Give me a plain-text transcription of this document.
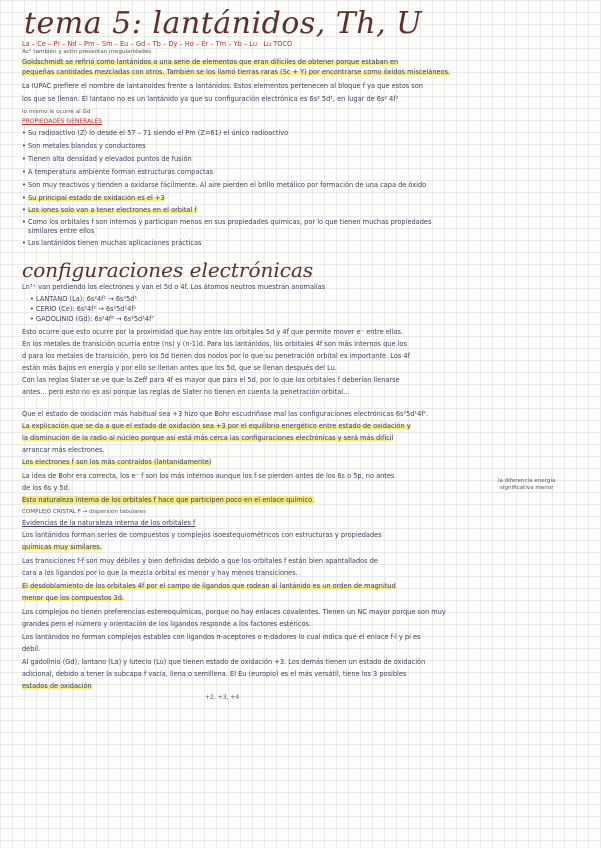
tema 5: lantánidos, Th, U
La – Ce – Pr – Nd – Pm – Sm – Eu – Gd – Tb – Dy – Ho – Er – Tm – Yb – Lu Lu TOCO
Ac° también y actín presentan irregularidades
Goldschmidt se refirió como lantánidos a una serie de elementos que eran difíciles de obtener porque estaban en
pequeñas cantidades mezcladas con otros. También se los llamó tierras raras (Sc + Y) por encontrarse como óxidos misceláneos.
La IUPAC prefiere el nombre de lantanoides frente a lantánidos. Estos elementos pertenecen al bloque f ya que estos son
los que se llenan. El lantano no es un lantánido ya que su configuración electrónica es 6s² 5d¹, en lugar de 6s² 4f¹
lo mismo le ocurre al Gd
PROPIEDADES GENERALES
• Su radioactivo (Z) lo desde el 57 – 71 siendo el Pm (Z=61) el único radioactivo
• Son metales blandos y conductores
• Tienen alta densidad y elevados puntos de fusión
• A temperatura ambiente forman estructuras compactas
• Son muy reactivos y tienden a oxidarse fácilmente. Al aire pierden el brillo metálico por formación de una capa de óxido
• Su principal estado de oxidación es el +3
• Los iones solo van a tener electrones en el orbital f
• Como los orbitales f son internos y participan menos en sus propiedades químicas, por lo que tienen muchas propiedades
similares entre ellos
• Los lantánidos tienen muchas aplicaciones prácticas
configuraciones electrónicas
Ln³⁺ van perdiendo los electrones y van el 5d o 4f. Los átomos neutros muestran anomalías
• LANTANO (La): 6s²4f¹ → 6s²5d¹
• CERIO (Ce): 6s²4f² → 6s²5d¹4f¹
• GADOLINIO (Gd): 6s²4f⁸ → 6s²5d¹4f⁷
Esto ocurre que esto ocurre por la proximidad que hay entre los orbitales 5d y 4f que permite mover e⁻ entre ellos.
En los metales de transición ocurría entre (ns) y (n-1)d. Para los lantánidos, los orbitales 4f son más internos que los
d para los metales de transición, pero los 5d tienen dos nodos por lo que su penetración orbital es importante. Los 4f
están más bajos en energía y por ello se llenan antes que los 5d, que se llenan después del Lu.
Con las reglas Slater se ve que la Zeff para 4f es mayor que para el 5d, por lo que los orbitales f deberían llenarse
antes... pero esto no es así porque las reglas de Slater no tienen en cuenta la penetración orbital...
Que el estado de oxidación más habitual sea +3 hizo que Bohr escudriñase mal las configuraciones electrónicas 6s²5d¹4fⁿ.
La explicación que se da a que el estado de oxidación sea +3 por el equilibrio energético entre estado de oxidación y
la disminución de la radio al núcleo porque así está más cerca las configuraciones electrónicas y será más difícil
arrancar más electrones.
Los electrones f son los más contraídos (lantanidamente)
La idea de Bohr era correcta, los e⁻ f son los más internos aunque los f se pierden antes de los 6s o 5p, no antes
de los 6s y 5d.
Esta naturaleza interna de los orbitales f hace que participen poco en el enlace químico.
COMPLEJO CRISTAL F → dispersión tabulares
Evidencias de la naturaleza interna de los orbitales f
la diferencia energía
significativa menor
Los lantánidos forman series de compuestos y complejos isoestequiométricos con estructuras y propiedades
químicas muy similares.
Las transiciones f-f son muy débiles y bien definidas debido a que los orbitales f están bien apantallados de
cara a los ligandos por lo que la mezcla orbital es menor y hay menos transiciones.
El desdoblamiento de los orbitales 4f por el campo de ligandos que rodean al lantánido es un orden de magnitud
menor que los compuestos 3d.
Los complejos no tienen preferencias estereoquímicas, porque no hay enlaces covalentes. Tienen un NC mayor porque son muy
grandes pero el número y orientación de los ligandos responde a los factores estéricos.
Los lantánidos no forman complejos estables con ligandos π-aceptores o π-dadores lo cual indica que el enlace f-l y pi es
débil.
Al gadolinio (Gd), lantano (La) y lutecio (Lu) que tienen estado de oxidación +3. Los demás tienen un estado de oxidación
adicional, debido a tener la subcapa f vacía, llena o semillena. El Eu (europio) es el más versátil, tiene los 3 posibles
estados de oxidación
+2, +3, +4
